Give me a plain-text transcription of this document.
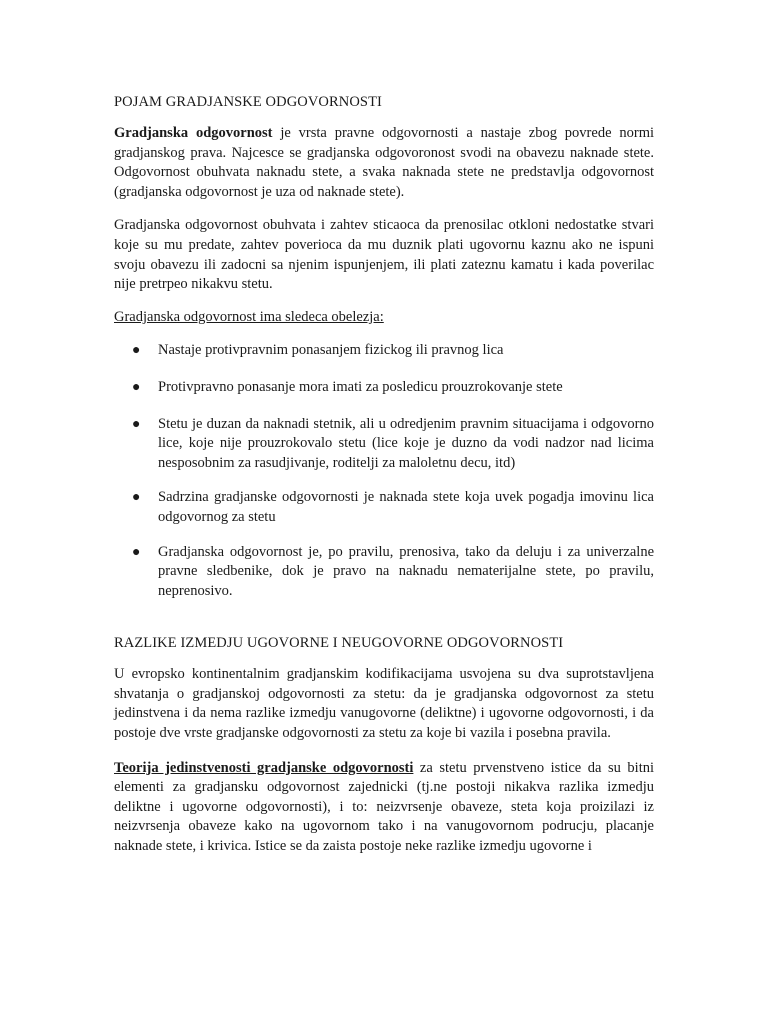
POJAM GRADJANSKE ODGOVORNOSTI

Gradjanska odgovornost je vrsta pravne odgovornosti a nastaje zbog povrede normi gradjanskog prava. Najcesce se gradjanska odgovoronost svodi na obavezu naknade stete. Odgovornost obuhvata naknadu stete, a svaka naknada stete ne predstavlja odgovornost (gradjanska odgovornost je uza od naknade stete).

Gradjanska odgovornost obuhvata i zahtev sticaoca da prenosilac otkloni nedostatke stvari koje su mu predate, zahtev poverioca da mu duznik plati ugovornu kaznu ako ne ispuni svoju obavezu ili zadocni sa njenim ispunjenjem, ili plati zateznu kamatu i kada poverilac nije pretrpeo nikakvu stetu.

Gradjanska odgovornost ima sledeca obelezja:

● Nastaje protivpravnim ponasanjem fizickog ili pravnog lica
● Protivpravno ponasanje mora imati za posledicu prouzrokovanje stete
● Stetu je duzan da naknadi stetnik, ali u odredjenim pravnim situacijama i odgovorno lice, koje nije prouzrokovalo stetu (lice koje je duzno da vodi nadzor nad licima nesposobnim za rasudjivanje, roditelji za maloletnu decu, itd)
● Sadrzina gradjanske odgovornosti je naknada stete koja uvek pogadja imovinu lica odgovornog za stetu
● Gradjanska odgovornost je, po pravilu, prenosiva, tako da deluju i za univerzalne pravne sledbenike, dok je pravo na naknadu nematerijalne stete, po pravilu, neprenosivo.
RAZLIKE IZMEDJU UGOVORNE I NEUGOVORNE ODGOVORNOSTI

U evropsko kontinentalnim gradjanskim kodifikacijama usvojena su dva suprotstavljena shvatanja o gradjanskoj odgovornosti za stetu: da je gradjanska odgovornost za stetu jedinstvena i da nema razlike izmedju vanugovorne (deliktne) i ugovorne odgovornosti, i da postoje dve vrste gradjanske odgovornosti za stetu za koje bi vazila i posebna pravila.

Teorija jedinstvenosti gradjanske odgovornosti za stetu prvenstveno istice da su bitni elementi za gradjansku odgovornost zajednicki (tj.ne postoji nikakva razlika izmedju deliktne i ugovorne odgovornosti), i to: neizvrsenje obaveze, steta koja proizilazi iz neizvrsenja obaveze kako na ugovornom tako i na vanugovornom podrucju, placanje naknade stete, i krivica. Istice se da zaista postoje neke razlike izmedju ugovorne i
